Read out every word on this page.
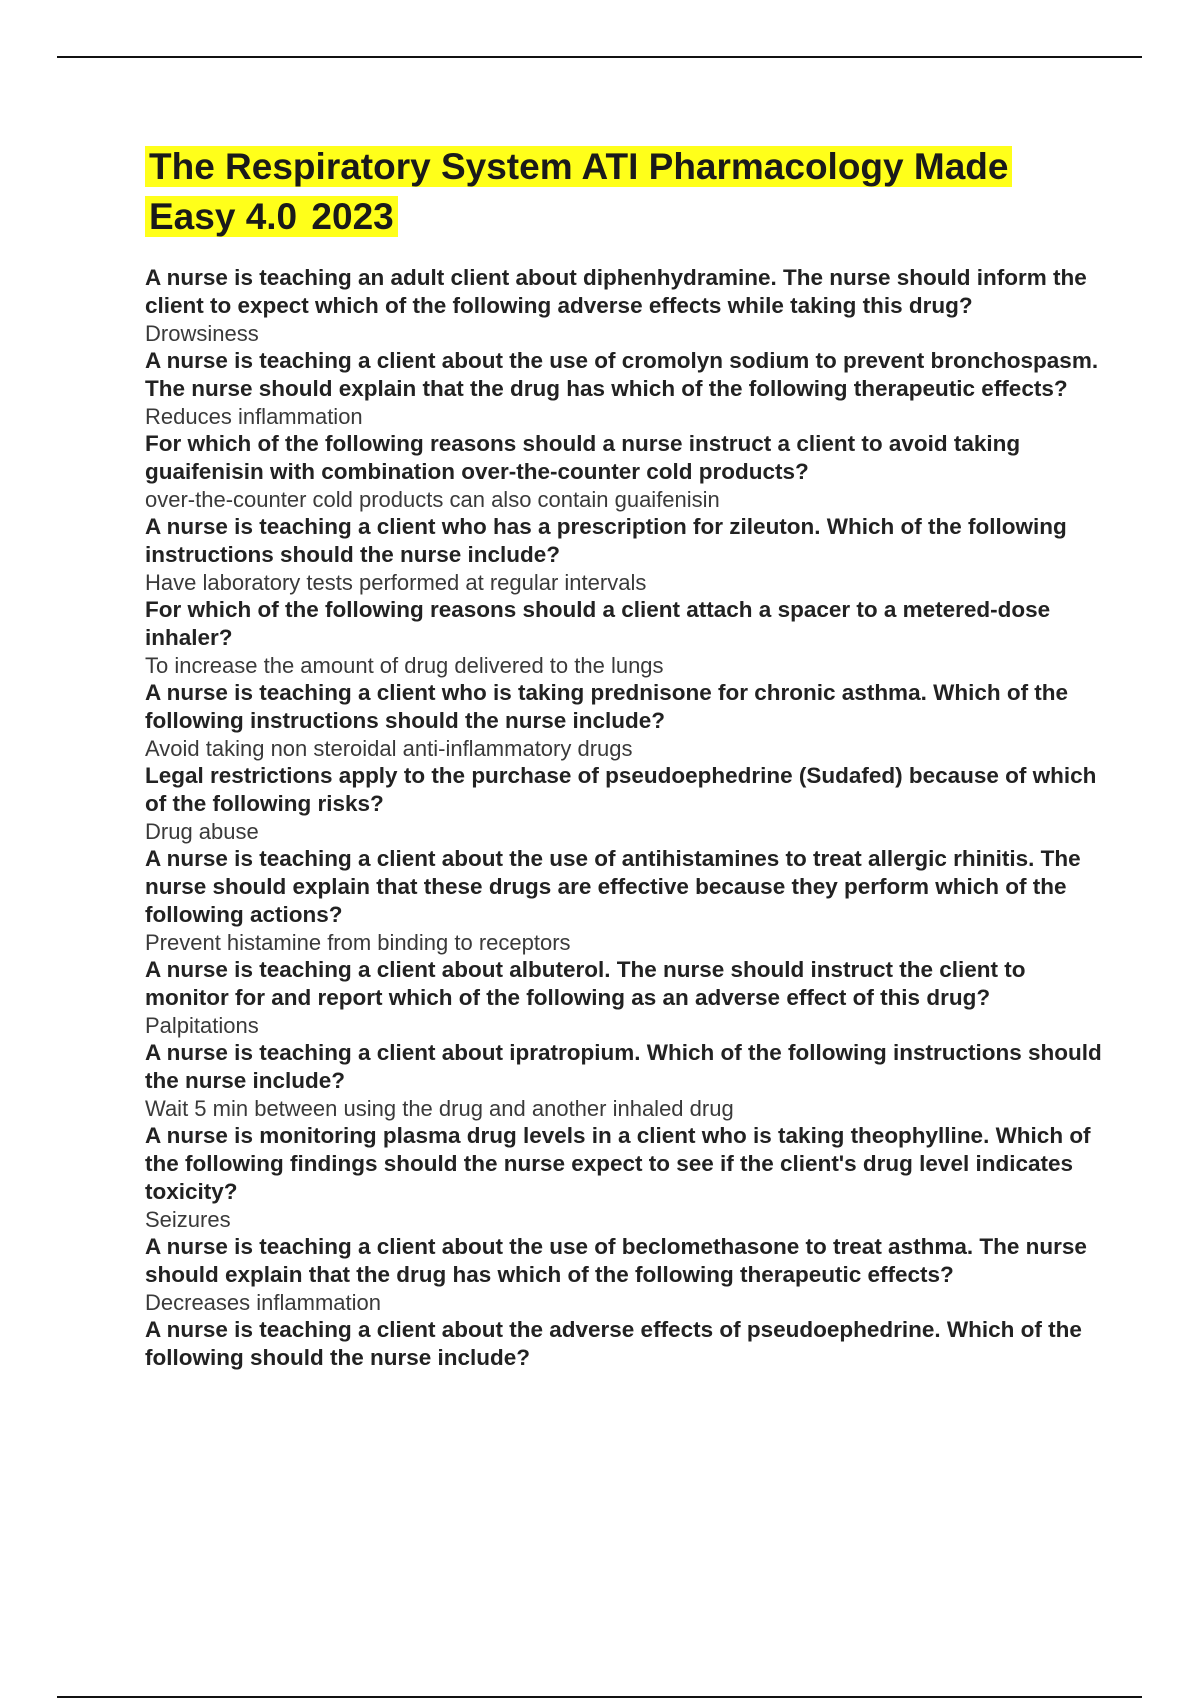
The Respiratory System ATI Pharmacology Made Easy 4.0 2023

A nurse is teaching an adult client about diphenhydramine. The nurse should inform the client to expect which of the following adverse effects while taking this drug?

Drowsiness

A nurse is teaching a client about the use of cromolyn sodium to prevent bronchospasm. The nurse should explain that the drug has which of the following therapeutic effects?

Reduces inflammation

For which of the following reasons should a nurse instruct a client to avoid taking guaifenisin with combination over-the-counter cold products?

over-the-counter cold products can also contain guaifenisin

A nurse is teaching a client who has a prescription for zileuton. Which of the following instructions should the nurse include?

Have laboratory tests performed at regular intervals

For which of the following reasons should a client attach a spacer to a metered-dose inhaler?

To increase the amount of drug delivered to the lungs

A nurse is teaching a client who is taking prednisone for chronic asthma. Which of the following instructions should the nurse include?

Avoid taking non steroidal anti-inflammatory drugs

Legal restrictions apply to the purchase of pseudoephedrine (Sudafed) because of which of the following risks?

Drug abuse

A nurse is teaching a client about the use of antihistamines to treat allergic rhinitis. The nurse should explain that these drugs are effective because they perform which of the following actions?

Prevent histamine from binding to receptors

A nurse is teaching a client about albuterol. The nurse should instruct the client to monitor for and report which of the following as an adverse effect of this drug?

Palpitations

A nurse is teaching a client about ipratropium. Which of the following instructions should the nurse include?

Wait 5 min between using the drug and another inhaled drug

A nurse is monitoring plasma drug levels in a client who is taking theophylline. Which of the following findings should the nurse expect to see if the client's drug level indicates toxicity?

Seizures

A nurse is teaching a client about the use of beclomethasone to treat asthma. The nurse should explain that the drug has which of the following therapeutic effects?

Decreases inflammation

A nurse is teaching a client about the adverse effects of pseudoephedrine. Which of the following should the nurse include?
